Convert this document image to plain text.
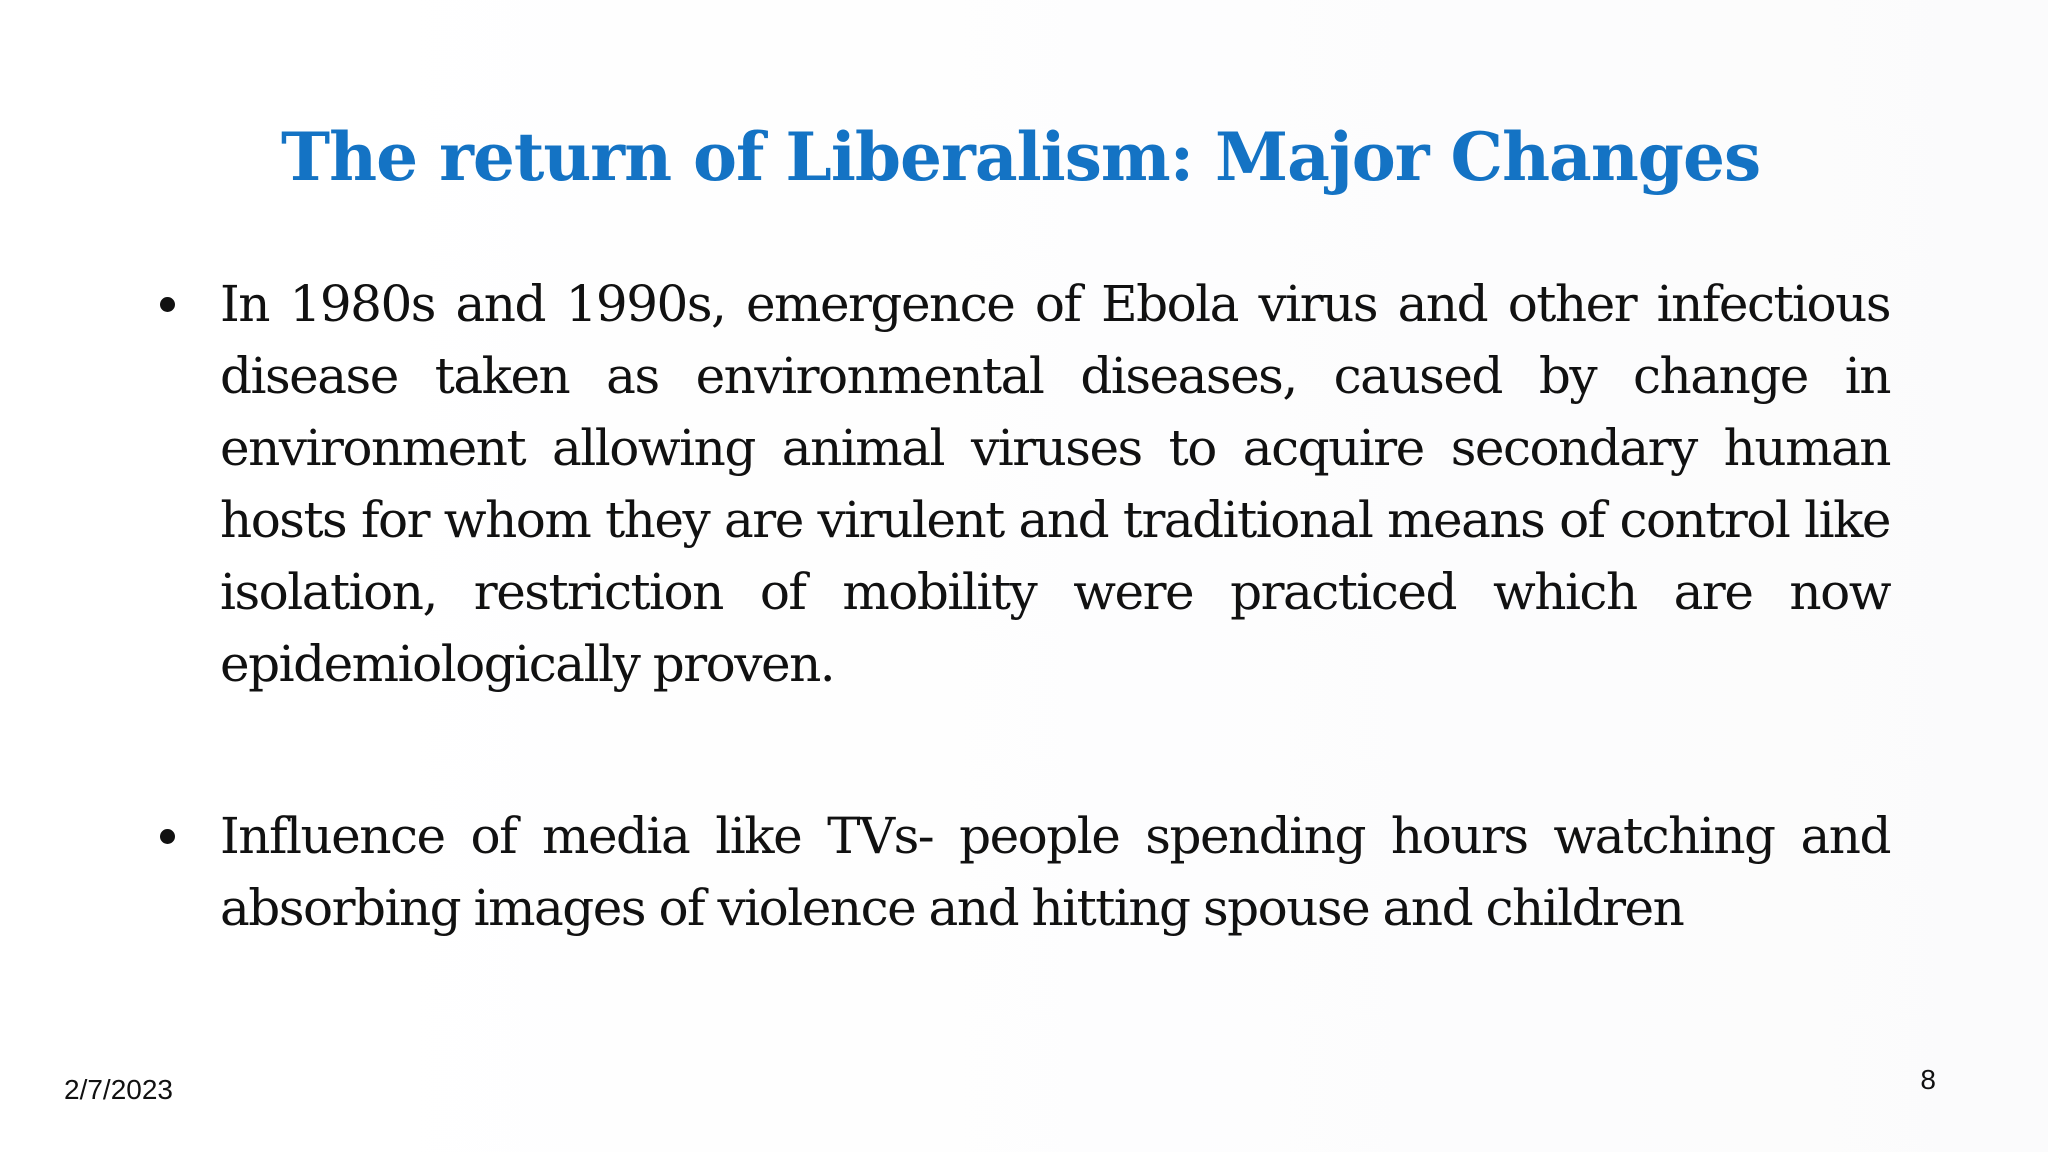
The return of Liberalism: Major Changes
In 1980s and 1990s, emergence of Ebola virus and other infectious disease taken as environmental diseases, caused by change in environment allowing animal viruses to acquire secondary human hosts for whom they are virulent and traditional means of control like isolation, restriction of mobility were practiced which are now epidemiologically proven.
Influence of media like TVs- people spending hours watching and absorbing images of violence and hitting spouse and children
2/7/2023	8
